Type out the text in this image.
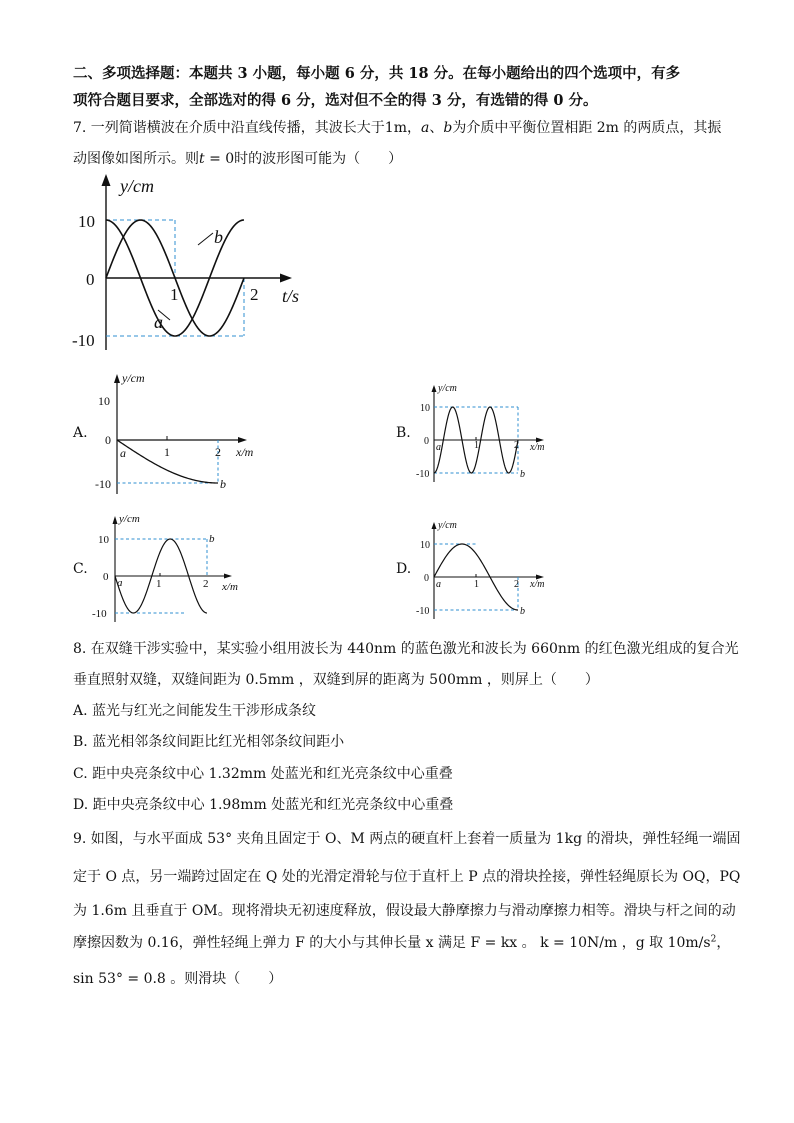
二、多项选择题：本题共 3 小题，每小题 6 分，共 18 分。在每小题给出的四个选项中，有多
项符合题目要求，全部选对的得 6 分，选对但不全的得 3 分，有选错的得 0 分。
7. 一列简谐横波在介质中沿直线传播，其波长大于1m，a、b为介质中平衡位置相距 2m 的两质点，其振
动图像如图所示。则t = 0时的波形图可能为（　　）
y/cm
t/s
10
0
-10
1	2
b
a
A.
y/cm
10
0
-10
1	2 x/m
a
b
B.
y/cm
10
0
-10
1	2 x/m
a
b
C.
y/cm
10
0
-10
1	2 x/m
a
b
D.
y/cm
10
0
-10
1	2 x/m
a
b
8. 在双缝干涉实验中，某实验小组用波长为 440nm 的蓝色激光和波长为 660nm 的红色激光组成的复合光
垂直照射双缝，双缝间距为 0.5mm ，双缝到屏的距离为 500mm ，则屏上（　　）
A. 蓝光与红光之间能发生干涉形成条纹
B. 蓝光相邻条纹间距比红光相邻条纹间距小
C. 距中央亮条纹中心 1.32mm 处蓝光和红光亮条纹中心重叠
D. 距中央亮条纹中心 1.98mm 处蓝光和红光亮条纹中心重叠
9. 如图，与水平面成 53° 夹角且固定于 O、M 两点的硬直杆上套着一质量为 1kg 的滑块，弹性轻绳一端固
定于 O 点，另一端跨过固定在 Q 处的光滑定滑轮与位于直杆上 P 点的滑块拴接，弹性轻绳原长为 OQ，PQ
为 1.6m 且垂直于 OM。现将滑块无初速度释放，假设最大静摩擦力与滑动摩擦力相等。滑块与杆之间的动
摩擦因数为 0.16，弹性轻绳上弹力 F 的大小与其伸长量 x 满足 F = kx 。 k = 10N/m ，g 取 $10m/s^2$，
sin 53° = 0.8 。则滑块（　　）
